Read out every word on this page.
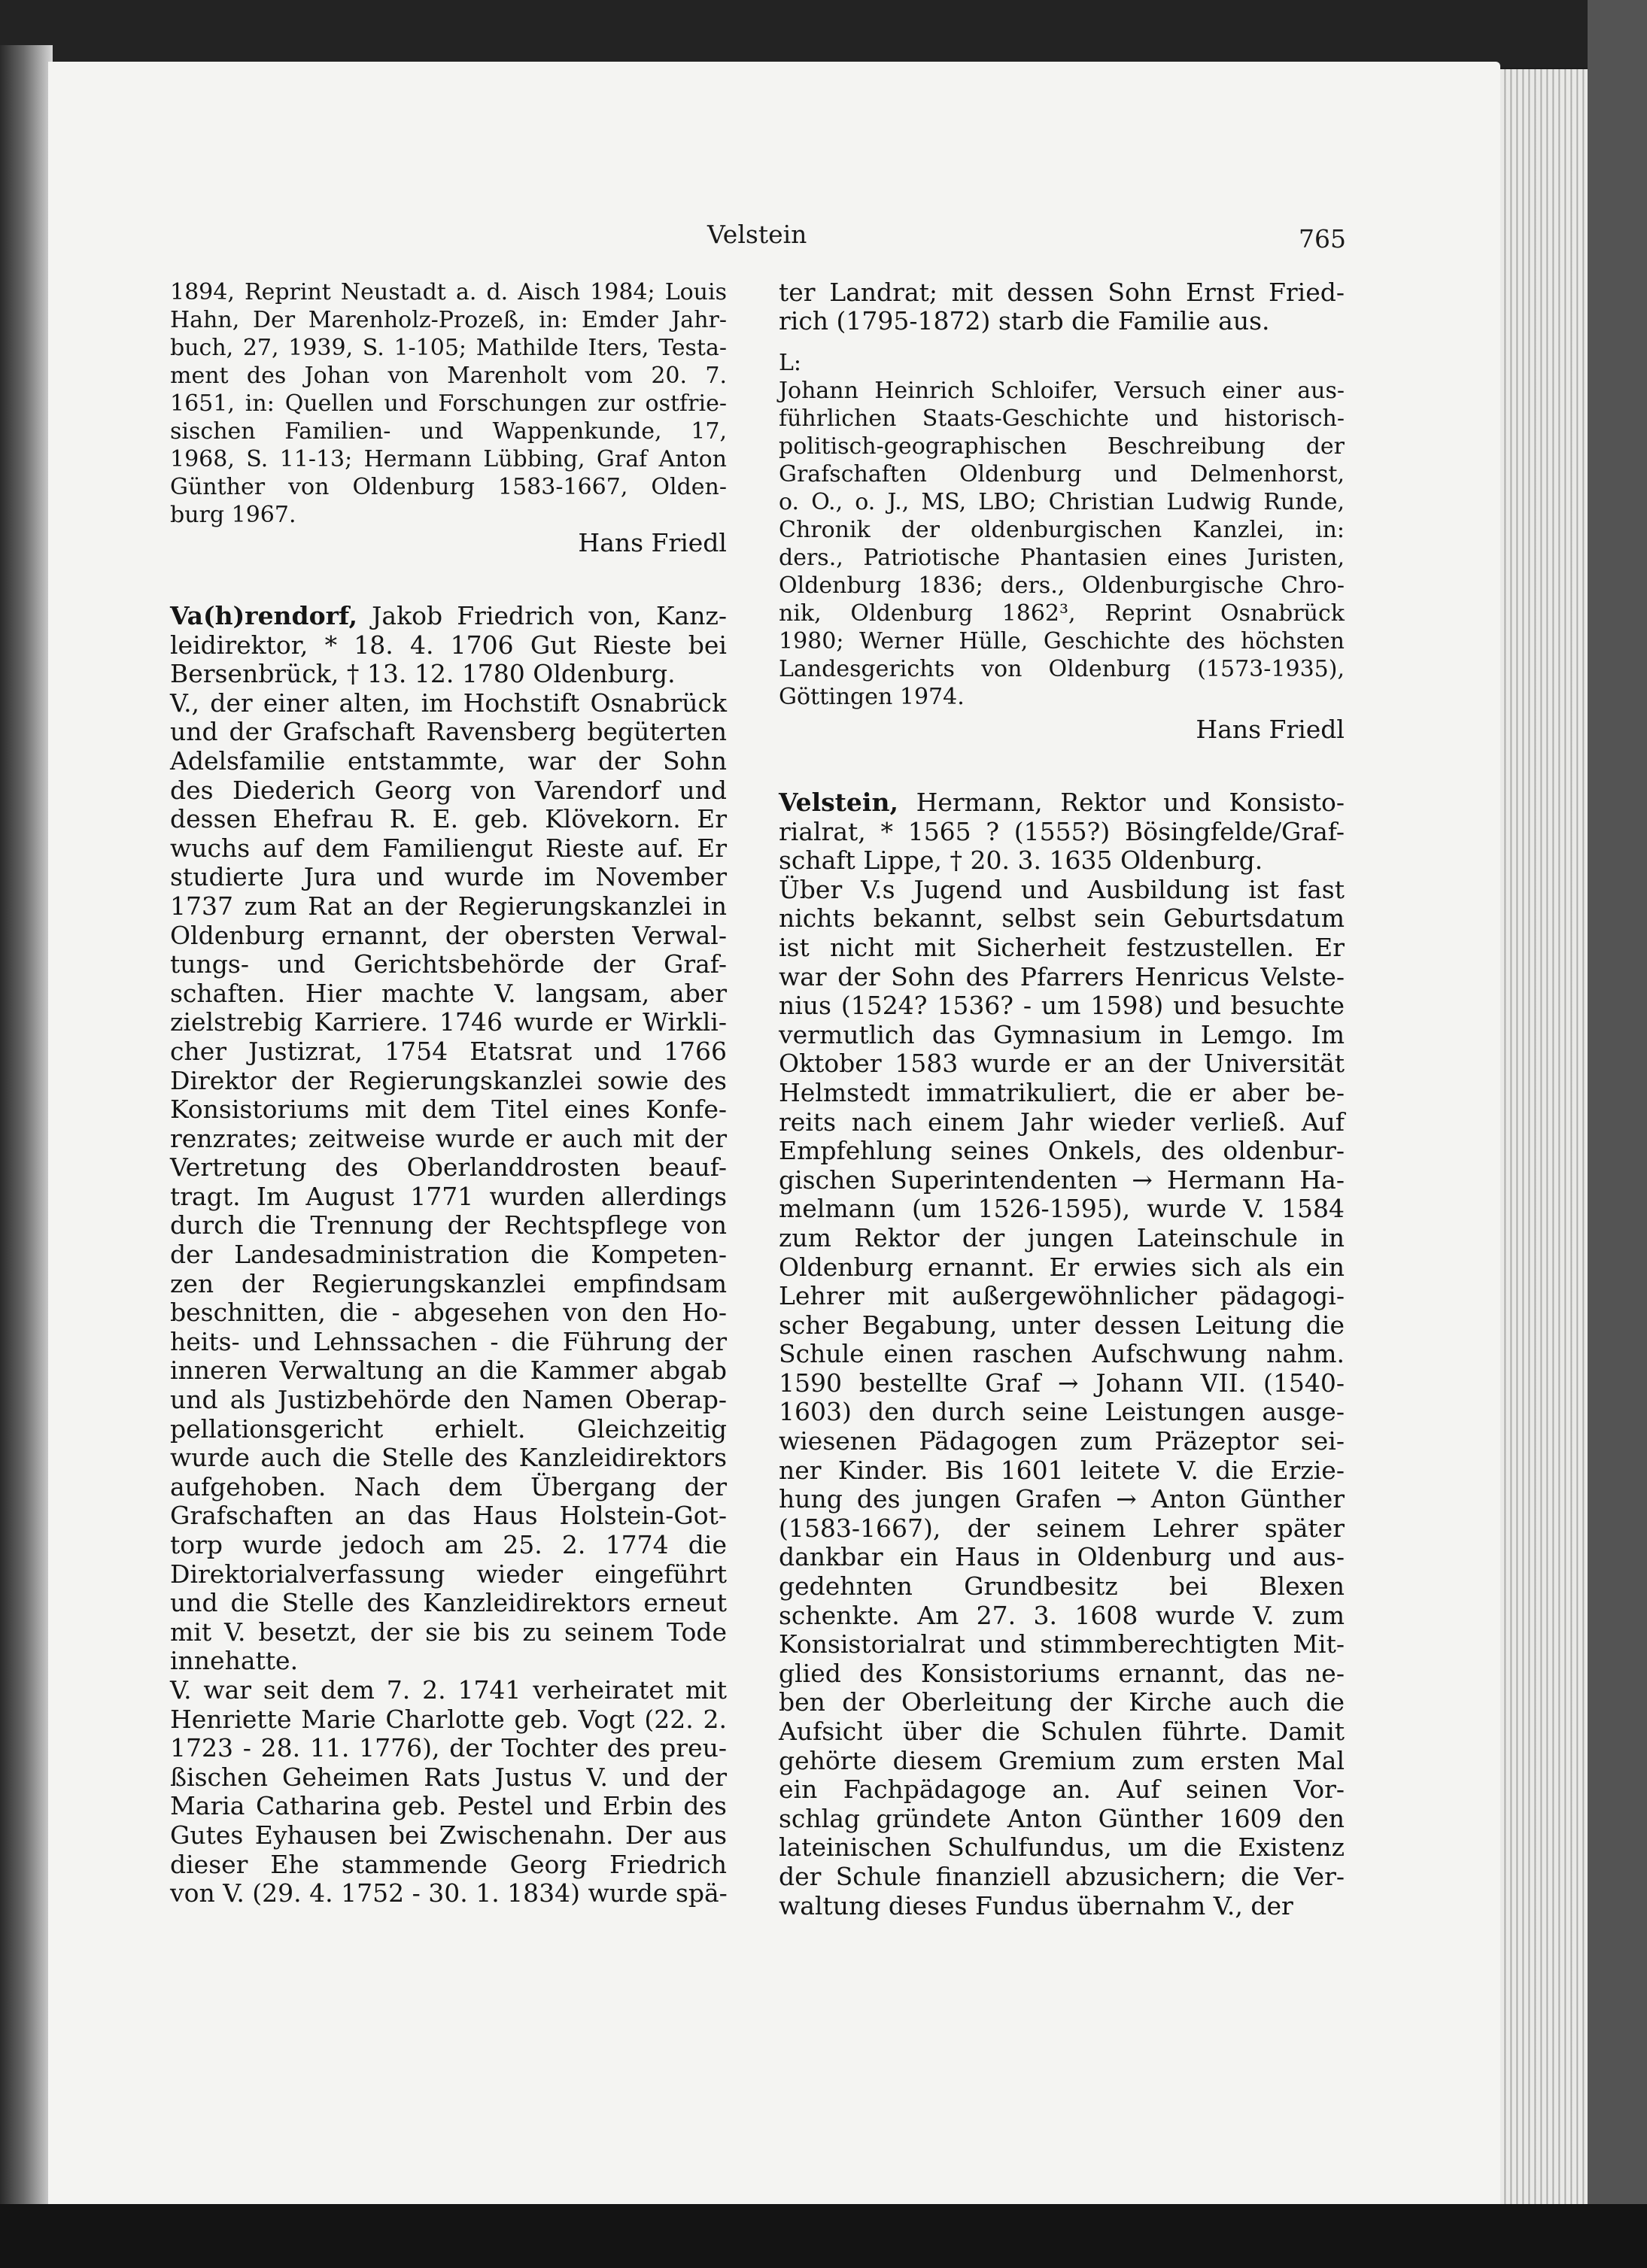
Velstein	765
1894, Reprint Neustadt a. d. Aisch 1984; Louis
Hahn, Der Marenholz-Prozeß, in: Emder Jahr-
buch, 27, 1939, S. 1-105; Mathilde Iters, Testa-
ment des Johan von Marenholt vom 20. 7.
1651, in: Quellen und Forschungen zur ostfrie-
sischen Familien- und Wappenkunde, 17,
1968, S. 11-13; Hermann Lübbing, Graf Anton
Günther von Oldenburg 1583-1667, Olden-
burg 1967.
Hans Friedl
Va(h)rendorf, Jakob Friedrich von, Kanz-
leidirektor, * 18. 4. 1706 Gut Rieste bei
Bersenbrück, † 13. 12. 1780 Oldenburg.
V., der einer alten, im Hochstift Osnabrück
und der Grafschaft Ravensberg begüterten
Adelsfamilie entstammte, war der Sohn
des Diederich Georg von Varendorf und
dessen Ehefrau R. E. geb. Klövekorn. Er
wuchs auf dem Familiengut Rieste auf. Er
studierte Jura und wurde im November
1737 zum Rat an der Regierungskanzlei in
Oldenburg ernannt, der obersten Verwal-
tungs- und Gerichtsbehörde der Graf-
schaften. Hier machte V. langsam, aber
zielstrebig Karriere. 1746 wurde er Wirkli-
cher Justizrat, 1754 Etatsrat und 1766
Direktor der Regierungskanzlei sowie des
Konsistoriums mit dem Titel eines Konfe-
renzrates; zeitweise wurde er auch mit der
Vertretung des Oberlanddrosten beauf-
tragt. Im August 1771 wurden allerdings
durch die Trennung der Rechtspflege von
der Landesadministration die Kompeten-
zen der Regierungskanzlei empfindsam
beschnitten, die - abgesehen von den Ho-
heits- und Lehnssachen - die Führung der
inneren Verwaltung an die Kammer abgab
und als Justizbehörde den Namen Oberap-
pellationsgericht erhielt. Gleichzeitig
wurde auch die Stelle des Kanzleidirektors
aufgehoben. Nach dem Übergang der
Grafschaften an das Haus Holstein-Got-
torp wurde jedoch am 25. 2. 1774 die
Direktorialverfassung wieder eingeführt
und die Stelle des Kanzleidirektors erneut
mit V. besetzt, der sie bis zu seinem Tode
innehatte.
V. war seit dem 7. 2. 1741 verheiratet mit
Henriette Marie Charlotte geb. Vogt (22. 2.
1723 - 28. 11. 1776), der Tochter des preu-
ßischen Geheimen Rats Justus V. und der
Maria Catharina geb. Pestel und Erbin des
Gutes Eyhausen bei Zwischenahn. Der aus
dieser Ehe stammende Georg Friedrich
von V. (29. 4. 1752 - 30. 1. 1834) wurde spä-
ter Landrat; mit dessen Sohn Ernst Fried-
rich (1795-1872) starb die Familie aus.
L:
Johann Heinrich Schloifer, Versuch einer aus-
führlichen Staats-Geschichte und historisch-
politisch-geographischen Beschreibung der
Grafschaften Oldenburg und Delmenhorst,
o. O., o. J., MS, LBO; Christian Ludwig Runde,
Chronik der oldenburgischen Kanzlei, in:
ders., Patriotische Phantasien eines Juristen,
Oldenburg 1836; ders., Oldenburgische Chro-
nik, Oldenburg 1862³, Reprint Osnabrück
1980; Werner Hülle, Geschichte des höchsten
Landesgerichts von Oldenburg (1573-1935),
Göttingen 1974.
Hans Friedl
Velstein, Hermann, Rektor und Konsisto-
rialrat, * 1565 ? (1555?) Bösingfelde/Graf-
schaft Lippe, † 20. 3. 1635 Oldenburg.
Über V.s Jugend und Ausbildung ist fast
nichts bekannt, selbst sein Geburtsdatum
ist nicht mit Sicherheit festzustellen. Er
war der Sohn des Pfarrers Henricus Velste-
nius (1524? 1536? - um 1598) und besuchte
vermutlich das Gymnasium in Lemgo. Im
Oktober 1583 wurde er an der Universität
Helmstedt immatrikuliert, die er aber be-
reits nach einem Jahr wieder verließ. Auf
Empfehlung seines Onkels, des oldenbur-
gischen Superintendenten → Hermann Ha-
melmann (um 1526-1595), wurde V. 1584
zum Rektor der jungen Lateinschule in
Oldenburg ernannt. Er erwies sich als ein
Lehrer mit außergewöhnlicher pädagogi-
scher Begabung, unter dessen Leitung die
Schule einen raschen Aufschwung nahm.
1590 bestellte Graf → Johann VII. (1540-
1603) den durch seine Leistungen ausge-
wiesenen Pädagogen zum Präzeptor sei-
ner Kinder. Bis 1601 leitete V. die Erzie-
hung des jungen Grafen → Anton Günther
(1583-1667), der seinem Lehrer später
dankbar ein Haus in Oldenburg und aus-
gedehnten Grundbesitz bei Blexen
schenkte. Am 27. 3. 1608 wurde V. zum
Konsistorialrat und stimmberechtigten Mit-
glied des Konsistoriums ernannt, das ne-
ben der Oberleitung der Kirche auch die
Aufsicht über die Schulen führte. Damit
gehörte diesem Gremium zum ersten Mal
ein Fachpädagoge an. Auf seinen Vor-
schlag gründete Anton Günther 1609 den
lateinischen Schulfundus, um die Existenz
der Schule finanziell abzusichern; die Ver-
waltung dieses Fundus übernahm V., der
